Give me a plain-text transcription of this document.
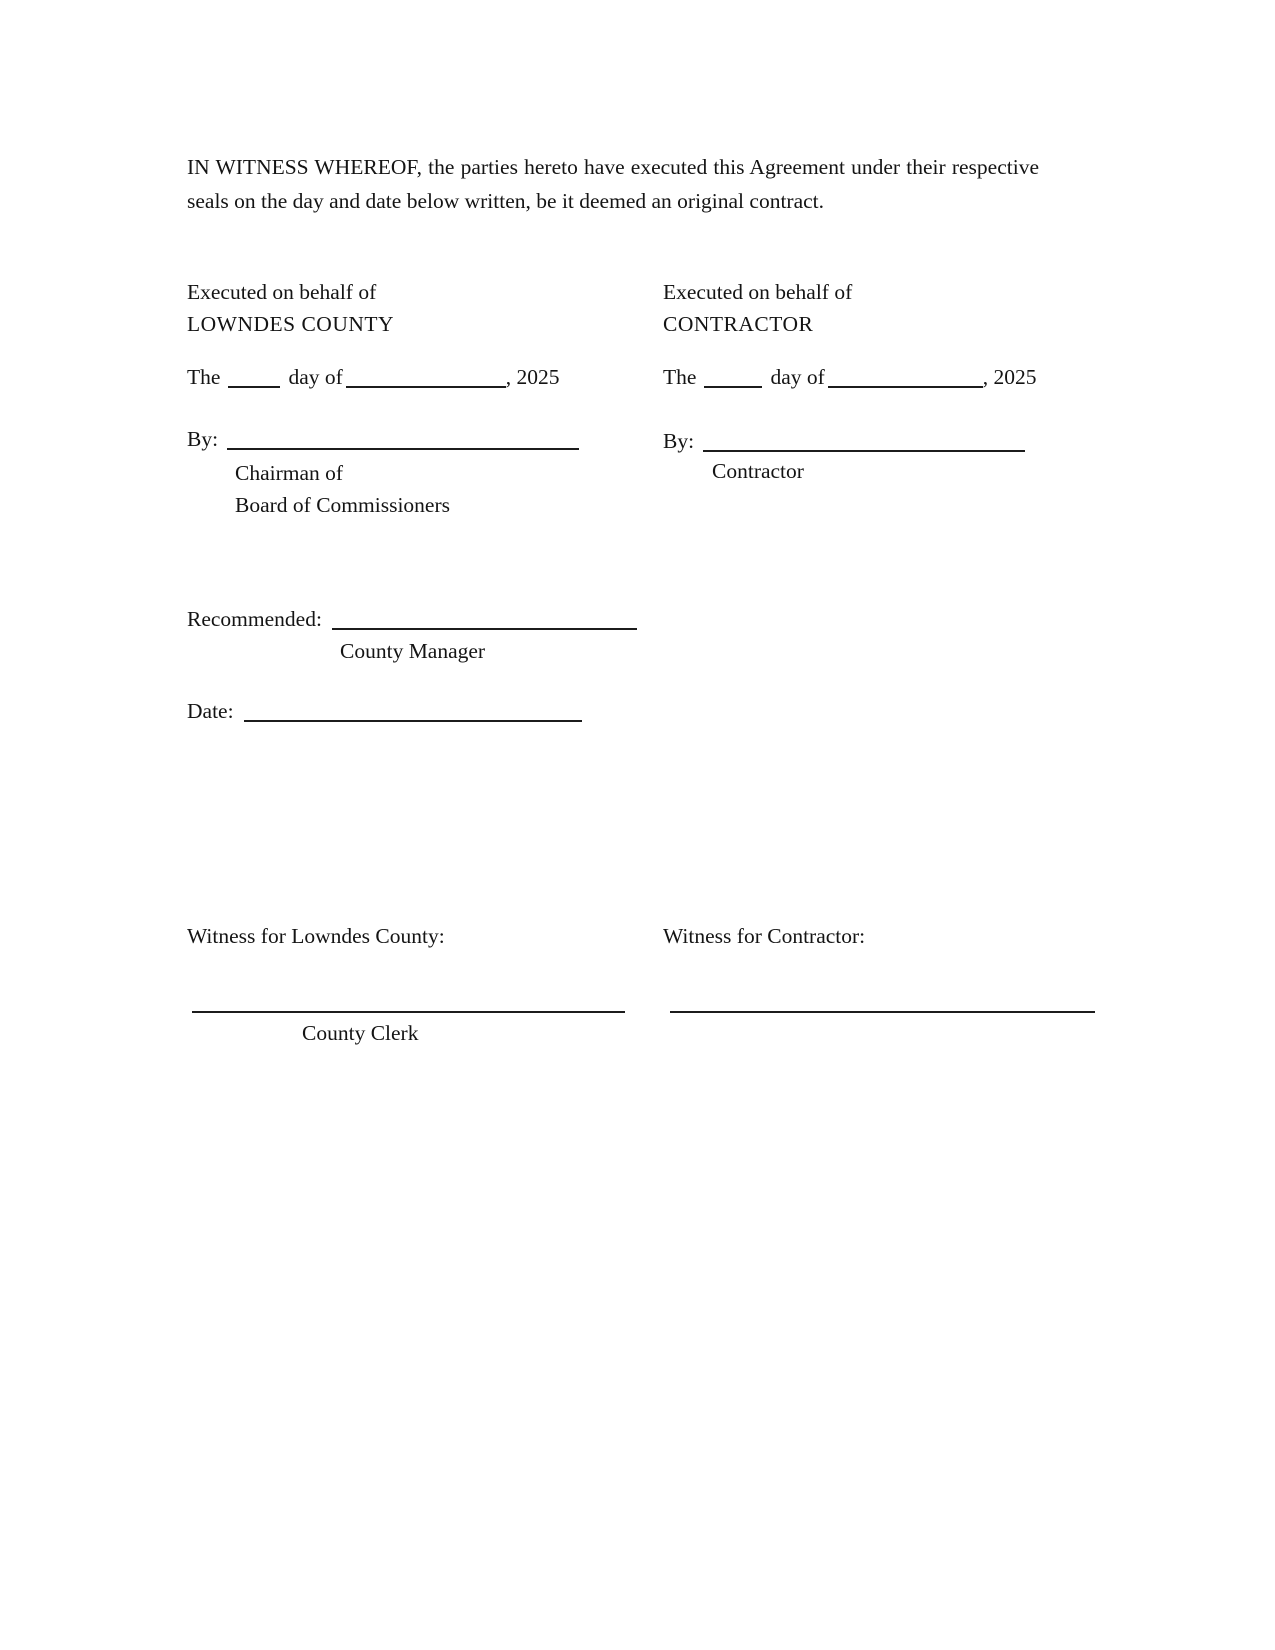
IN WITNESS WHEREOF, the parties hereto have executed this Agreement under their respective seals on the day and date below written, be it deemed an original contract.

Executed on behalf of
LOWNDES COUNTY
Executed on behalf of
CONTRACTOR
The	day of	, 2025	The	day of	, 2025
By:
Chairman of
Board of Commissioners
By:
Contractor
Recommended:
County Manager
Date:
Witness for Lowndes County:	Witness for Contractor:
County Clerk
